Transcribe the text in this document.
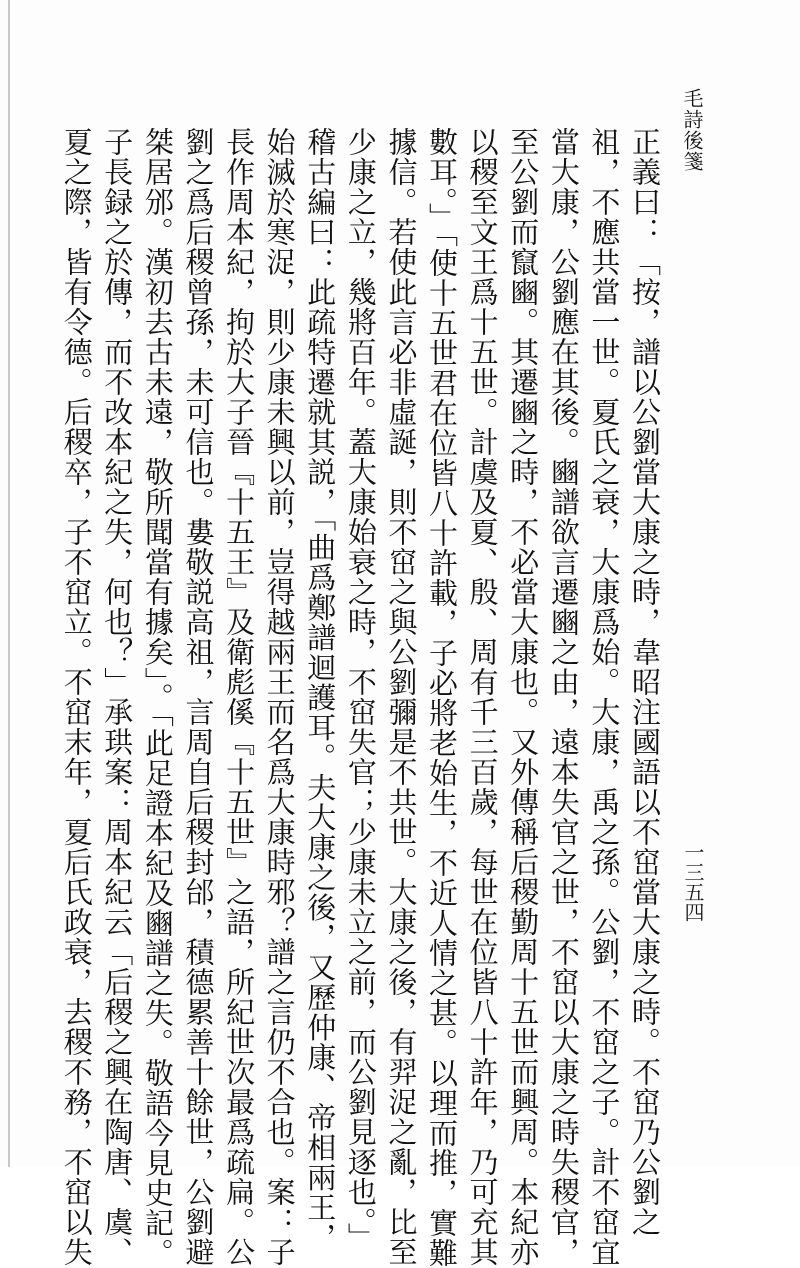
毛詩後箋
一三五四
正義曰：「按，譜以公劉當大康之時，韋昭注國語以不窋當大康之時。不窋乃公劉之
祖，不應共當一世。夏氏之衰，大康爲始。大康，禹之孫。公劉，不窋之子。計不窋宜
當大康，公劉應在其後。豳譜欲言遷豳之由，遠本失官之世，不窋以大康之時失稷官，
至公劉而竄豳。其遷豳之時，不必當大康也。又外傳稱后稷勤周十五世而興周。本紀亦
以稷至文王爲十五世。計虞及夏、殷、周有千三百歲，每世在位皆八十許年，乃可充其
數耳。」「使十五世君在位皆八十許載，子必將老始生，不近人情之甚。以理而推，實難
據信。若使此言必非虛誕，則不窋之與公劉彌是不共世。大康之後，有羿浞之亂，比至
少康之立，幾將百年。蓋大康始衰之時，不窋失官；少康未立之前，而公劉見逐也。」
稽古編曰：此疏特遷就其説，「曲爲鄭譜迴護耳。夫大康之後，又歷仲康、帝相兩王，
始滅於寒浞，則少康未興以前，豈得越兩王而名爲大康時邪？譜之言仍不合也。案：子
長作周本紀，拘於大子晉『十五王』及衛彪傒『十五世』之語，所紀世次最爲疏扁。公
劉之爲后稷曾孫，未可信也。婁敬説高祖，言周自后稷封邰，積德累善十餘世，公劉避
桀居邠。漢初去古未遠，敬所聞當有據矣」。「此足證本紀及豳譜之失。敬語今見史記。
子長録之於傳，而不改本紀之失，何也？」承珙案：周本紀云「后稷之興在陶唐、虞、
夏之際，皆有令德。后稷卒，子不窋立。不窋末年，夏后氏政衰，去稷不務，不窋以失
